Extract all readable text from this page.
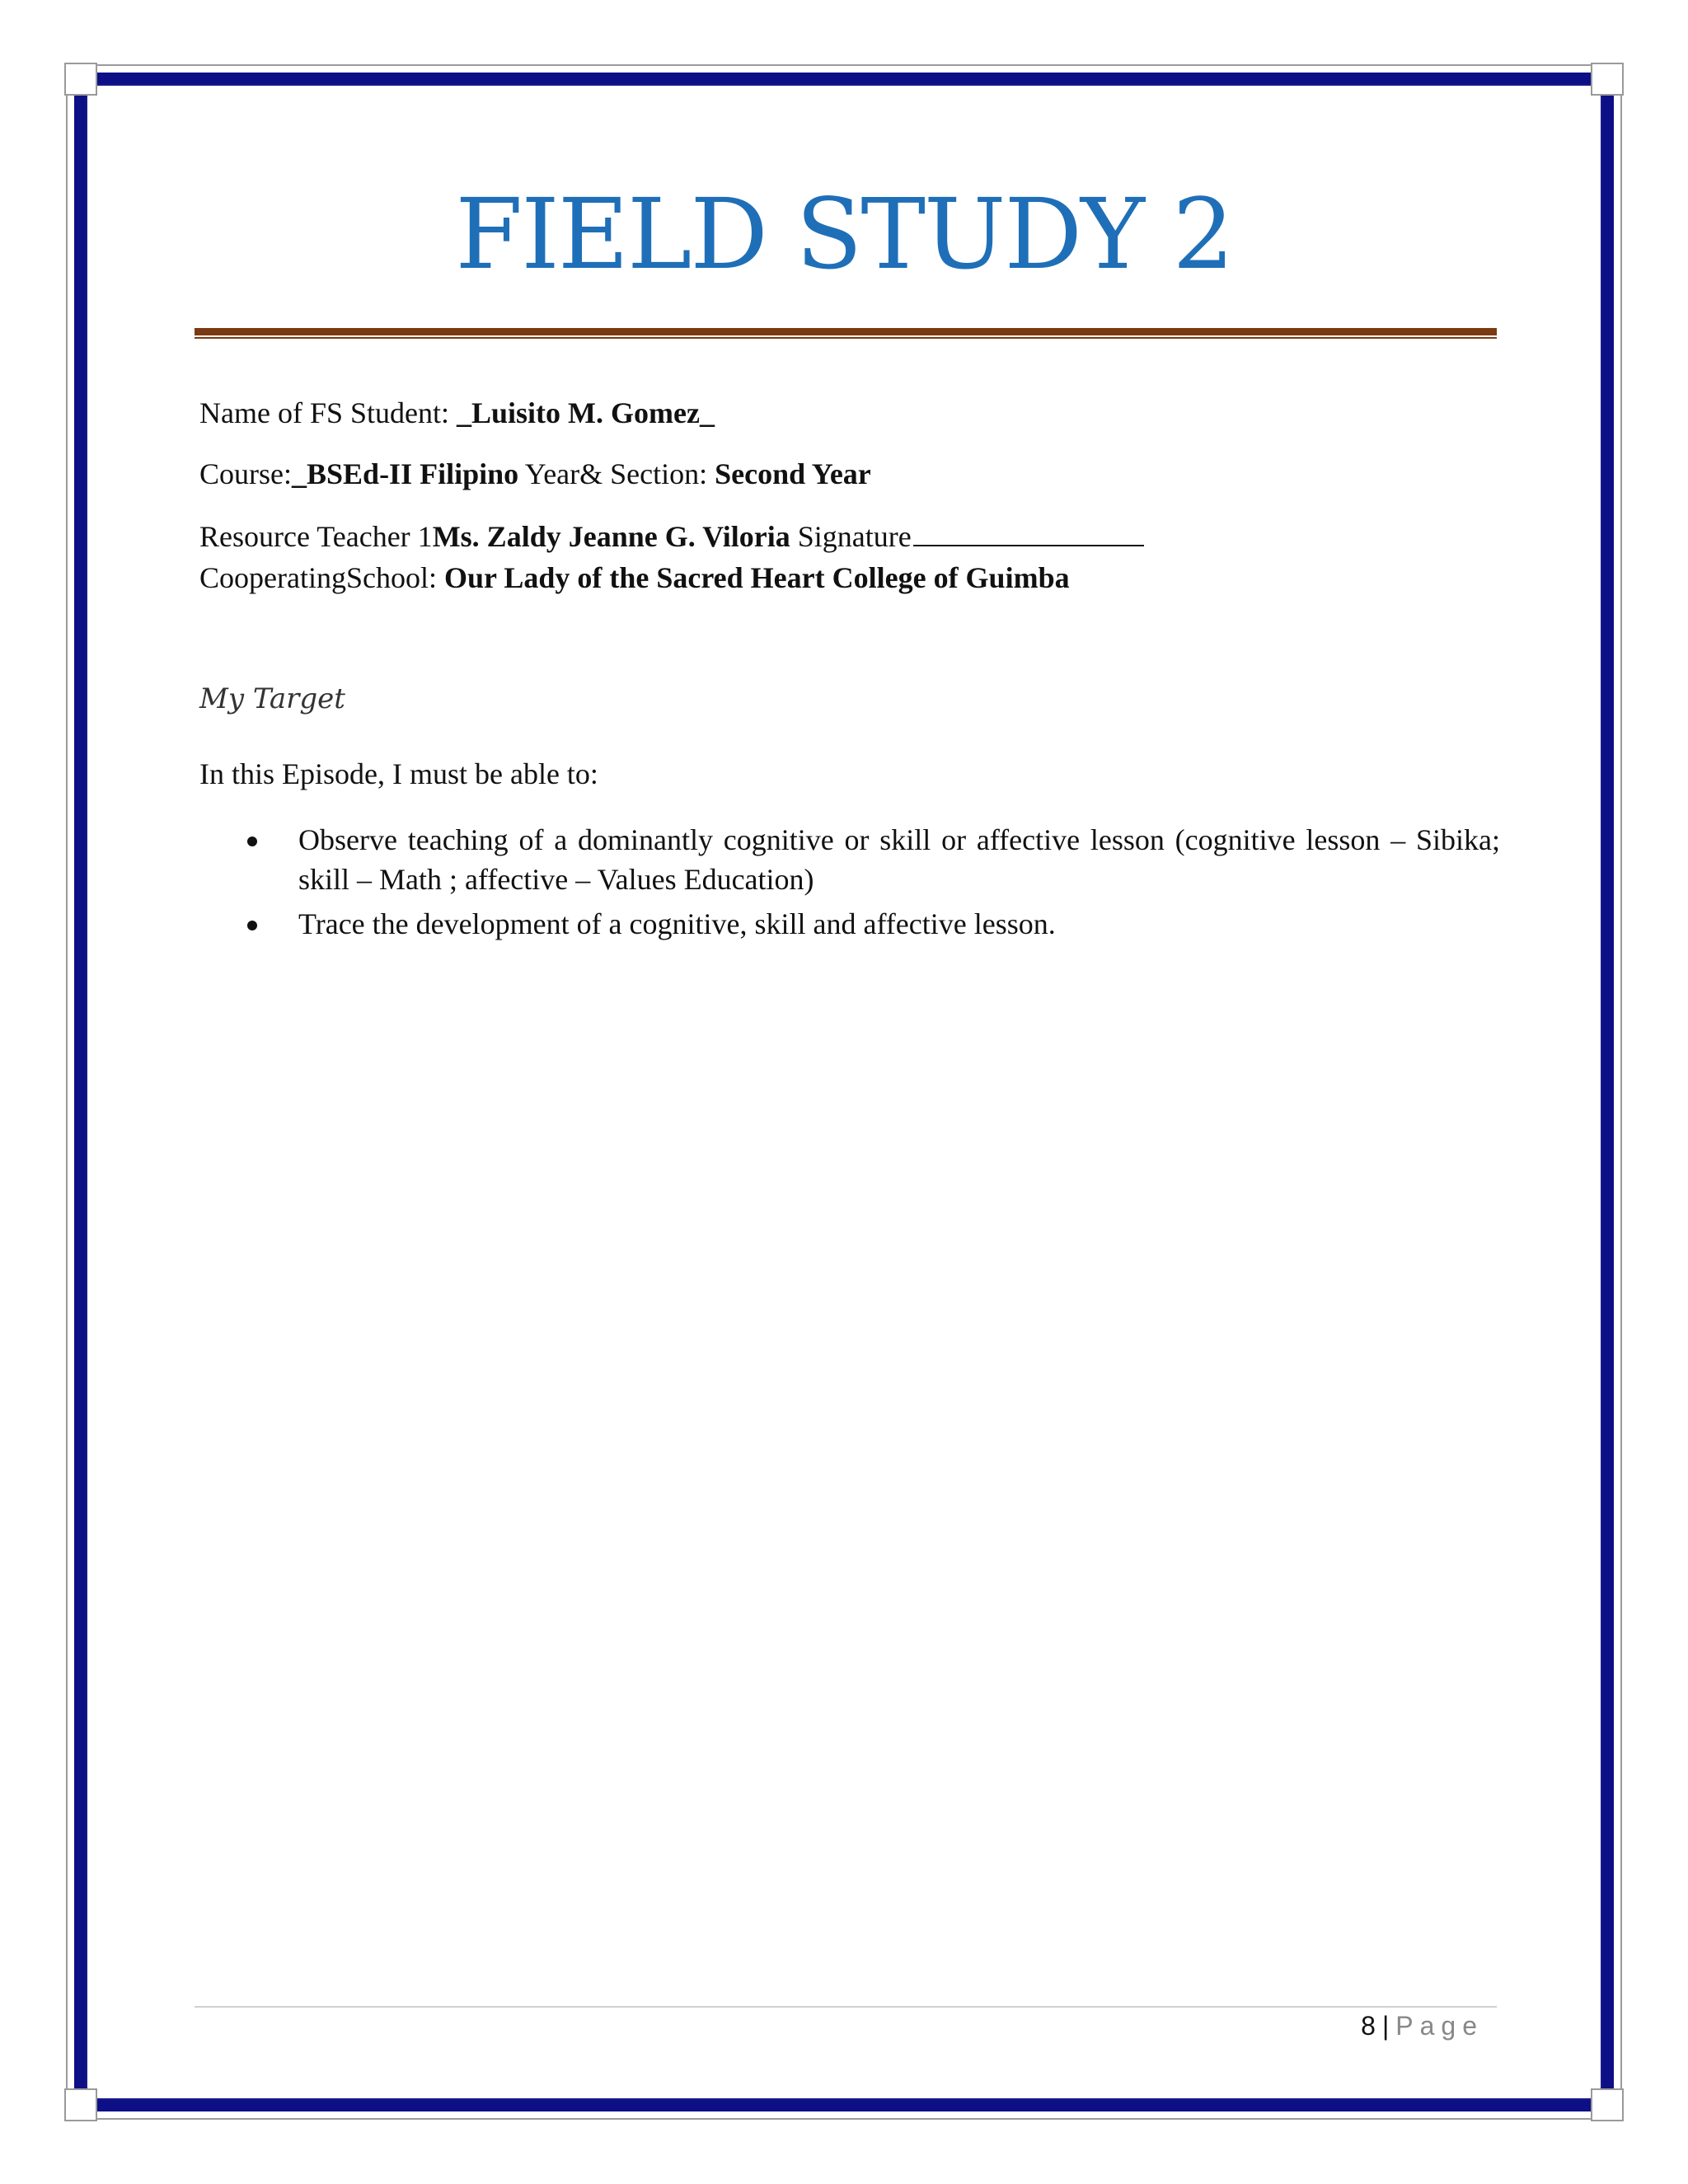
FIELD STUDY 2
Name of FS Student: _Luisito M. Gomez_
Course:_BSEd-II Filipino Year& Section: Second Year
Resource Teacher 1Ms. Zaldy Jeanne G. Viloria Signature
CooperatingSchool: Our Lady of the Sacred Heart College of Guimba
My Target
In this Episode, I must be able to:
Observe teaching of a dominantly cognitive or skill or affective lesson (cognitive lesson – Sibika; skill – Math ; affective – Values Education)
Trace the development of a cognitive, skill and affective lesson.
8 | Page
